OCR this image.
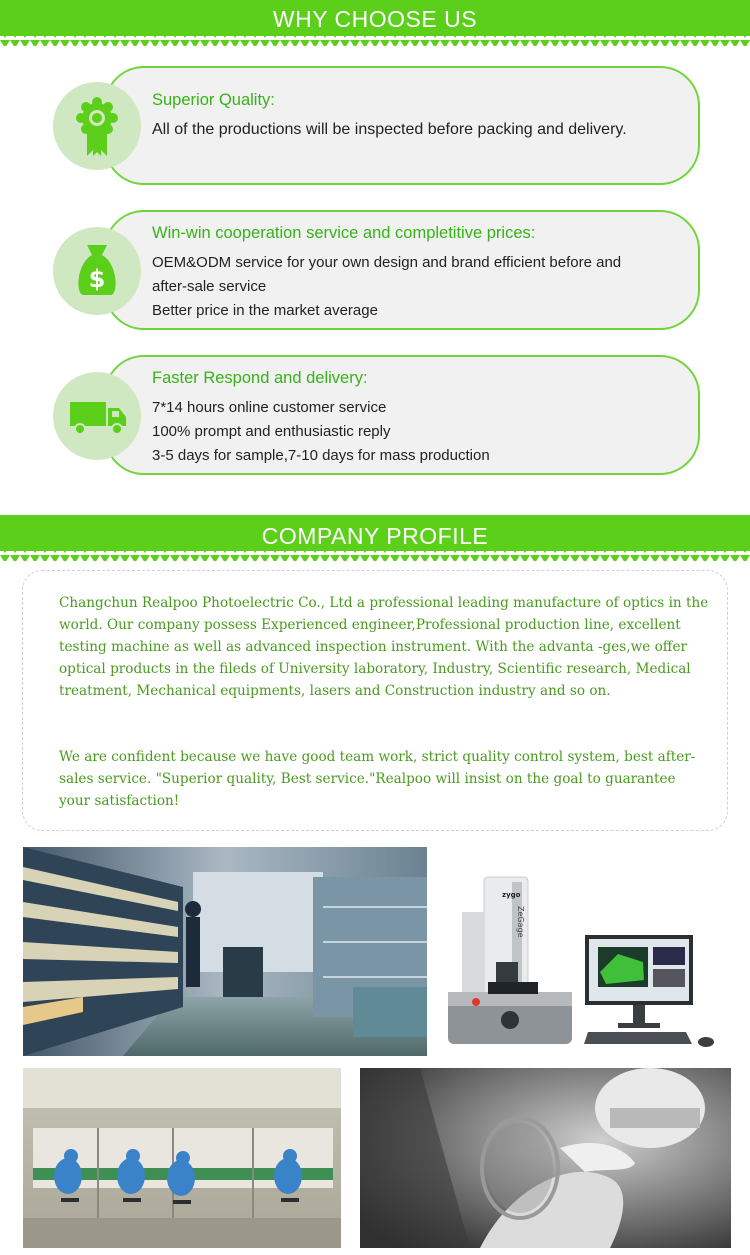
WHY CHOOSE US
Superior Quality:
All of the productions will be inspected before packing and delivery.
Win-win cooperation service and completitive prices:
OEM&ODM service for your own design and brand efficient before and
after-sale service
Better price in the market average
$
Faster Respond and delivery:
7*14 hours online customer service
100% prompt and enthusiastic reply
3-5 days for sample,7-10 days for mass production
COMPANY PROFILE
Changchun Realpoo Photoelectric Co., Ltd a professional leading manufacture of optics in the world. Our company possess Experienced engineer,Professional production line, excellent testing machine as well as advanced inspection instrument. With the advanta -ges,we offer optical products in the fileds of University laboratory, Industry, Scientific research, Medical treatment, Mechanical equipments, lasers and Construction industry and so on.
We are confident because we have good team work, strict quality control system, best after-sales service. "Superior quality, Best service."Realpoo will insist on the goal to guarantee your satisfaction!
zygo
ZeGage
